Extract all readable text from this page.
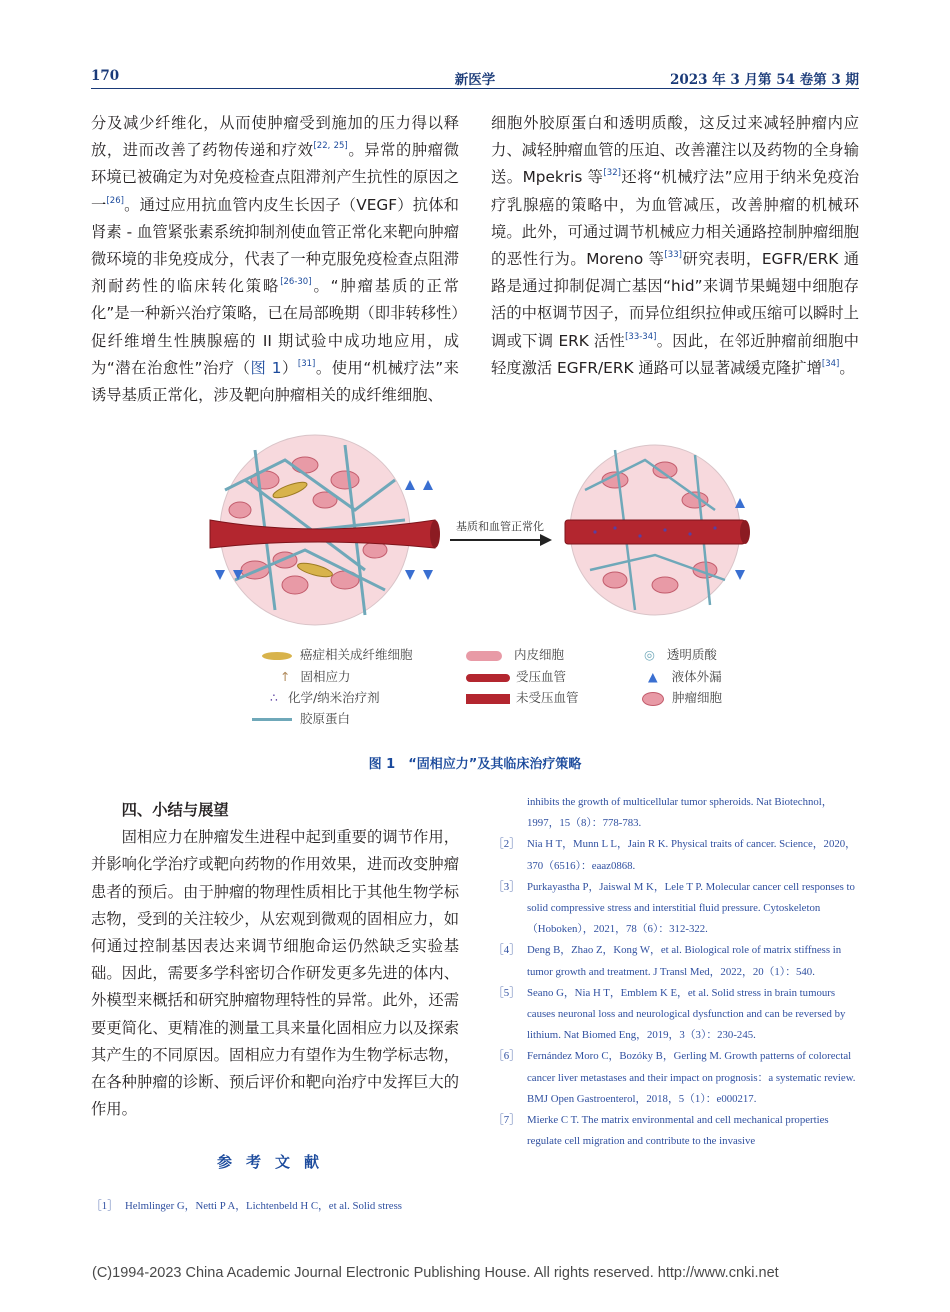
170	新医学	2023 年 3 月第 54 卷第 3 期

分及减少纤维化，从而使肿瘤受到施加的压力得以释放，进而改善了药物传递和疗效[22, 25]。异常的肿瘤微环境已被确定为对免疫检查点阻滞剂产生抗性的原因之一[26]。通过应用抗血管内皮生长因子（VEGF）抗体和肾素 - 血管紧张素系统抑制剂使血管正常化来靶向肿瘤微环境的非免疫成分，代表了一种克服免疫检查点阻滞剂耐药性的临床转化策略[26-30]。“肿瘤基质的正常化”是一种新兴治疗策略，已在局部晚期（即非转移性）促纤维增生性胰腺癌的 II 期试验中成功地应用，成为“潜在治愈性”治疗（图 1）[31]。使用“机械疗法”来诱导基质正常化，涉及靶向肿瘤相关的成纤维细胞、

细胞外胶原蛋白和透明质酸，这反过来减轻肿瘤内应力、减轻肿瘤血管的压迫、改善灌注以及药物的全身输送。Mpekris 等[32]还将“机械疗法”应用于纳米免疫治疗乳腺癌的策略中，为血管减压，改善肿瘤的机械环境。此外，可通过调节机械应力相关通路控制肿瘤细胞的恶性行为。Moreno 等[33]研究表明，EGFR/ERK 通路是通过抑制促凋亡基因“hid”来调节果蝇翅中细胞存活的中枢调节因子，而异位组织拉伸或压缩可以瞬时上调或下调 ERK 活性[33-34]。因此，在邻近肿瘤前细胞中轻度激活 EGFR/ERK 通路可以显著减缓克隆扩增[34]。

基质和血管正常化
癌症相关成纤维细胞
↑ 固相应力
∴ 化学/纳米治疗剂
胶原蛋白
内皮细胞
受压血管
未受压血管
◎ 透明质酸
▲ 液体外漏
肿瘤细胞
图 1　“固相应力”及其临床治疗策略

四、小结与展望

固相应力在肿瘤发生进程中起到重要的调节作用，并影响化学治疗或靶向药物的作用效果，进而改变肿瘤患者的预后。由于肿瘤的物理性质相比于其他生物学标志物，受到的关注较少，从宏观到微观的固相应力，如何通过控制基因表达来调节细胞命运仍然缺乏实验基础。因此，需要多学科密切合作研发更多先进的体内、外模型来概括和研究肿瘤物理特性的异常。此外，还需要更简化、更精准的测量工具来量化固相应力以及探索其产生的不同原因。固相应力有望作为生物学标志物，在各种肿瘤的诊断、预后评价和靶向治疗中发挥巨大的作用。

参考文献
［1］ Helmlinger G，Netti P A，Lichtenbeld H C，et al. Solid stress
inhibits the growth of multicellular tumor spheroids. Nat Biotechnol，1997，15（8）：778-783.
［2］ Nia H T，Munn L L，Jain R K. Physical traits of cancer. Science，2020，370（6516）：eaaz0868.
［3］ Purkayastha P，Jaiswal M K，Lele T P. Molecular cancer cell responses to solid compressive stress and interstitial fluid pressure. Cytoskeleton（Hoboken），2021，78（6）：312-322.
［4］ Deng B，Zhao Z，Kong W，et al. Biological role of matrix stiffness in tumor growth and treatment. J Transl Med，2022，20（1）：540.
［5］ Seano G，Nia H T，Emblem K E，et al. Solid stress in brain tumours causes neuronal loss and neurological dysfunction and can be reversed by lithium. Nat Biomed Eng，2019，3（3）：230-245.
［6］ Fernández Moro C，Bozóky B，Gerling M. Growth patterns of colorectal cancer liver metastases and their impact on prognosis：a systematic review. BMJ Open Gastroenterol，2018，5（1）：e000217.
［7］ Mierke C T. The matrix environmental and cell mechanical properties regulate cell migration and contribute to the invasive
(C)1994-2023 China Academic Journal Electronic Publishing House. All rights reserved. http://www.cnki.net
